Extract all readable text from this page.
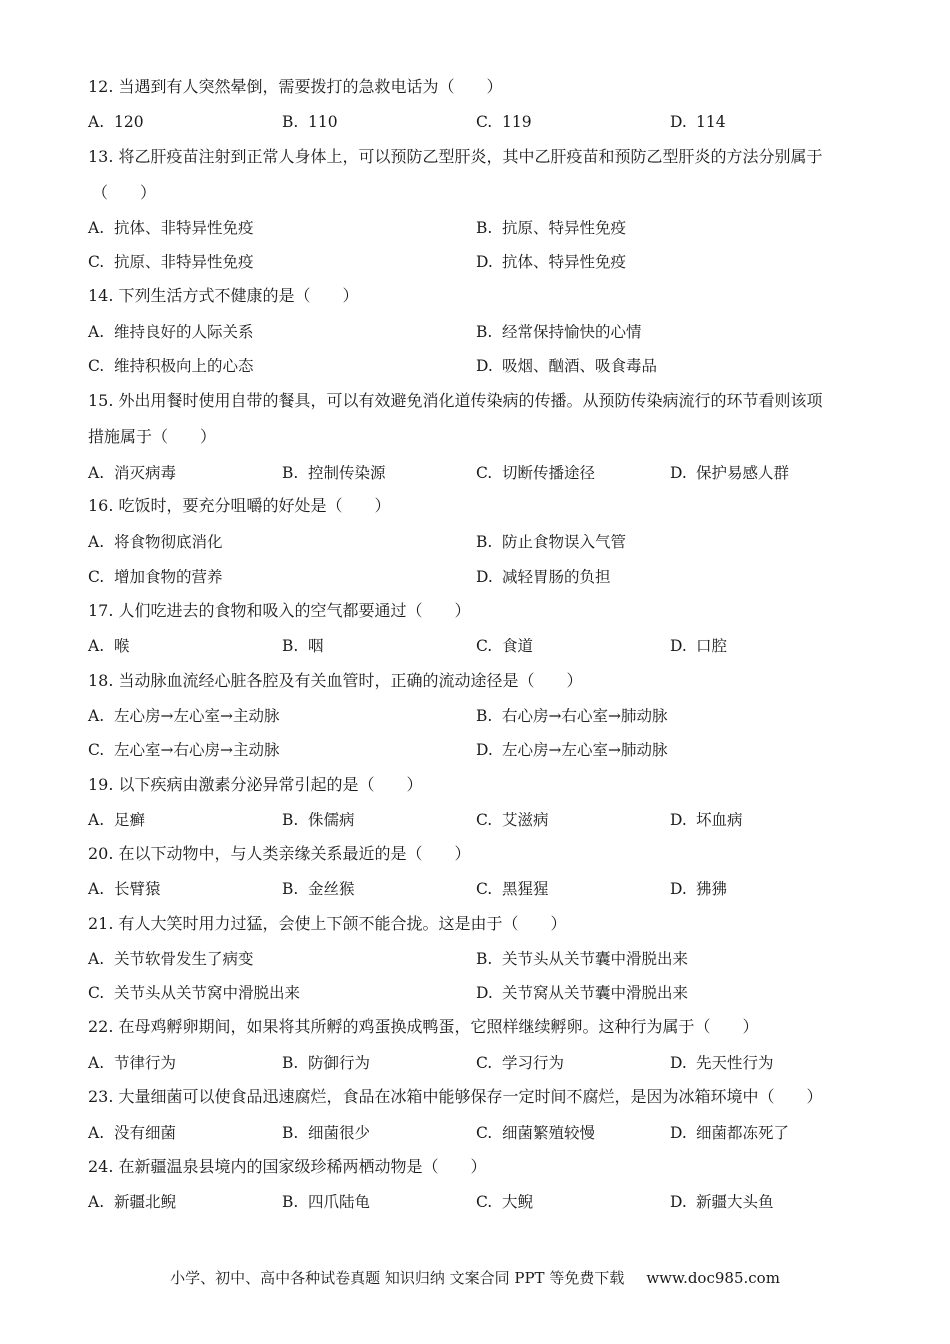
12. 当遇到有人突然晕倒，需要拨打的急救电话为（　　）
A. 120	B. 110	C. 119	D. 114
13. 将乙肝疫苗注射到正常人身体上，可以预防乙型肝炎，其中乙肝疫苗和预防乙型肝炎的方法分别属于
（　　）
A. 抗体、非特异性免疫	B. 抗原、特异性免疫
C. 抗原、非特异性免疫	D. 抗体、特异性免疫
14. 下列生活方式不健康的是（　　）
A. 维持良好的人际关系	B. 经常保持愉快的心情
C. 维持积极向上的心态	D. 吸烟、酗酒、吸食毒品
15. 外出用餐时使用自带的餐具，可以有效避免消化道传染病的传播。从预防传染病流行的环节看则该项
措施属于（　　）
A. 消灭病毒	B. 控制传染源	C. 切断传播途径	D. 保护易感人群
16. 吃饭时，要充分咀嚼的好处是（　　）
A. 将食物彻底消化	B. 防止食物误入气管
C. 增加食物的营养	D. 减轻胃肠的负担
17. 人们吃进去的食物和吸入的空气都要通过（　　）
A. 喉	B. 咽	C. 食道	D. 口腔
18. 当动脉血流经心脏各腔及有关血管时，正确的流动途径是（　　）
A. 左心房→左心室→主动脉	B. 右心房→右心室→肺动脉
C. 左心室→右心房→主动脉	D. 左心房→左心室→肺动脉
19. 以下疾病由激素分泌异常引起的是（　　）
A. 足癣	B. 侏儒病	C. 艾滋病	D. 坏血病
20. 在以下动物中，与人类亲缘关系最近的是（　　）
A. 长臂猿	B. 金丝猴	C. 黑猩猩	D. 狒狒
21. 有人大笑时用力过猛，会使上下颌不能合拢。这是由于（　　）
A. 关节软骨发生了病变	B. 关节头从关节囊中滑脱出来
C. 关节头从关节窝中滑脱出来	D. 关节窝从关节囊中滑脱出来
22. 在母鸡孵卵期间，如果将其所孵的鸡蛋换成鸭蛋，它照样继续孵卵。这种行为属于（　　）
A. 节律行为	B. 防御行为	C. 学习行为	D. 先天性行为
23. 大量细菌可以使食品迅速腐烂，食品在冰箱中能够保存一定时间不腐烂，是因为冰箱环境中（　　）
A. 没有细菌	B. 细菌很少	C. 细菌繁殖较慢	D. 细菌都冻死了
24. 在新疆温泉县境内的国家级珍稀两栖动物是（　　）
A. 新疆北鲵	B. 四爪陆龟	C. 大鲵	D. 新疆大头鱼
小学、初中、高中各种试卷真题 知识归纳 文案合同 PPT 等免费下载 www.doc985.com
